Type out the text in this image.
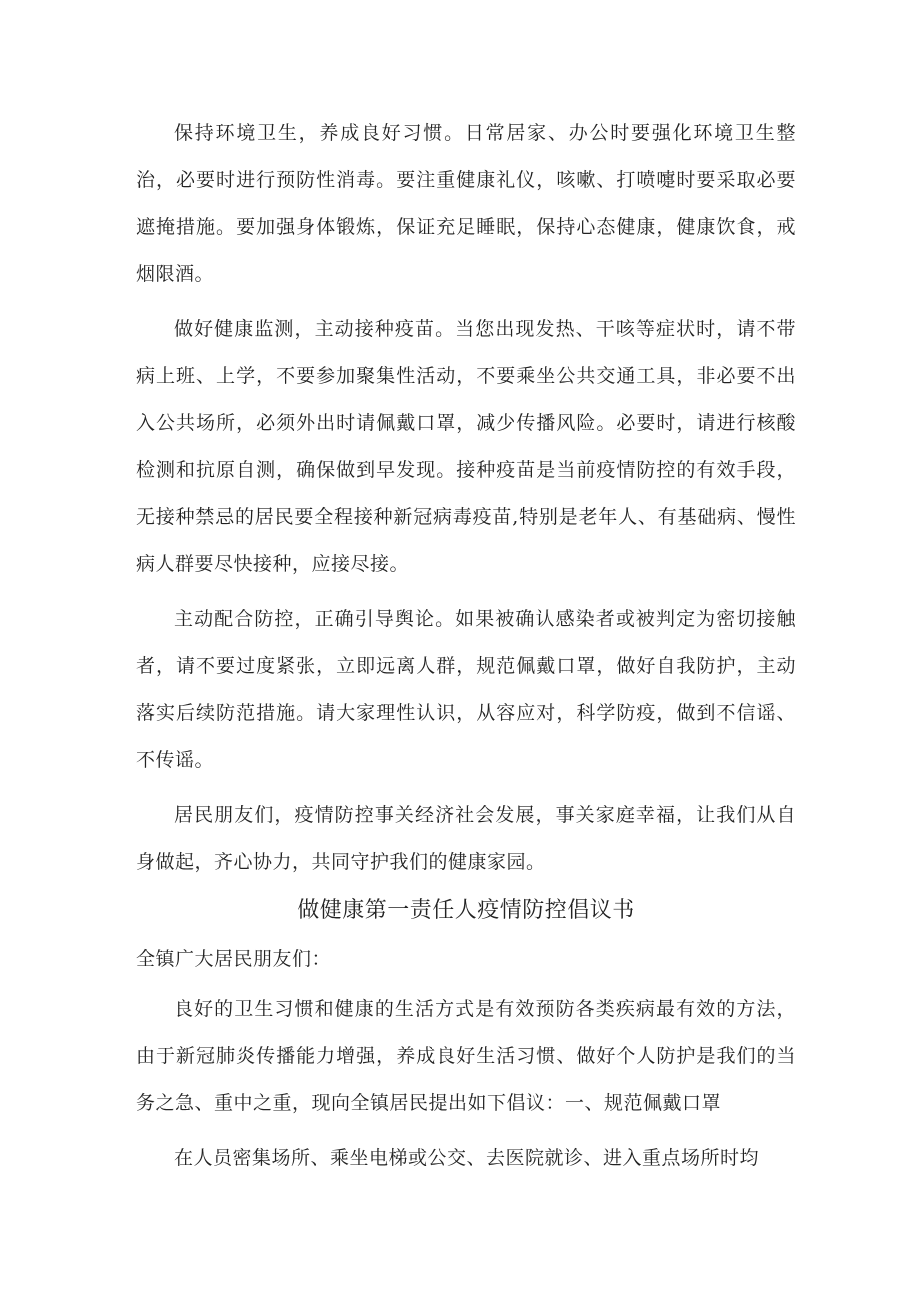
保持环境卫生，养成良好习惯。日常居家、办公时要强化环境卫生整治，必要时进行预防性消毒。要注重健康礼仪，咳嗽、打喷嚏时要采取必要遮掩措施。要加强身体锻炼，保证充足睡眠，保持心态健康，健康饮食，戒烟限酒。

做好健康监测，主动接种疫苗。当您出现发热、干咳等症状时，请不带病上班、上学，不要参加聚集性活动，不要乘坐公共交通工具，非必要不出入公共场所，必须外出时请佩戴口罩，减少传播风险。必要时，请进行核酸检测和抗原自测，确保做到早发现。接种疫苗是当前疫情防控的有效手段，无接种禁忌的居民要全程接种新冠病毒疫苗,特别是老年人、有基础病、慢性病人群要尽快接种，应接尽接。

主动配合防控，正确引导舆论。如果被确认感染者或被判定为密切接触者，请不要过度紧张，立即远离人群，规范佩戴口罩，做好自我防护，主动落实后续防范措施。请大家理性认识，从容应对，科学防疫，做到不信谣、不传谣。

居民朋友们，疫情防控事关经济社会发展，事关家庭幸福，让我们从自身做起，齐心协力，共同守护我们的健康家园。

做健康第一责任人疫情防控倡议书

全镇广大居民朋友们：

良好的卫生习惯和健康的生活方式是有效预防各类疾病最有效的方法，由于新冠肺炎传播能力增强，养成良好生活习惯、做好个人防护是我们的当务之急、重中之重，现向全镇居民提出如下倡议：一、规范佩戴口罩

在人员密集场所、乘坐电梯或公交、去医院就诊、进入重点场所时均
